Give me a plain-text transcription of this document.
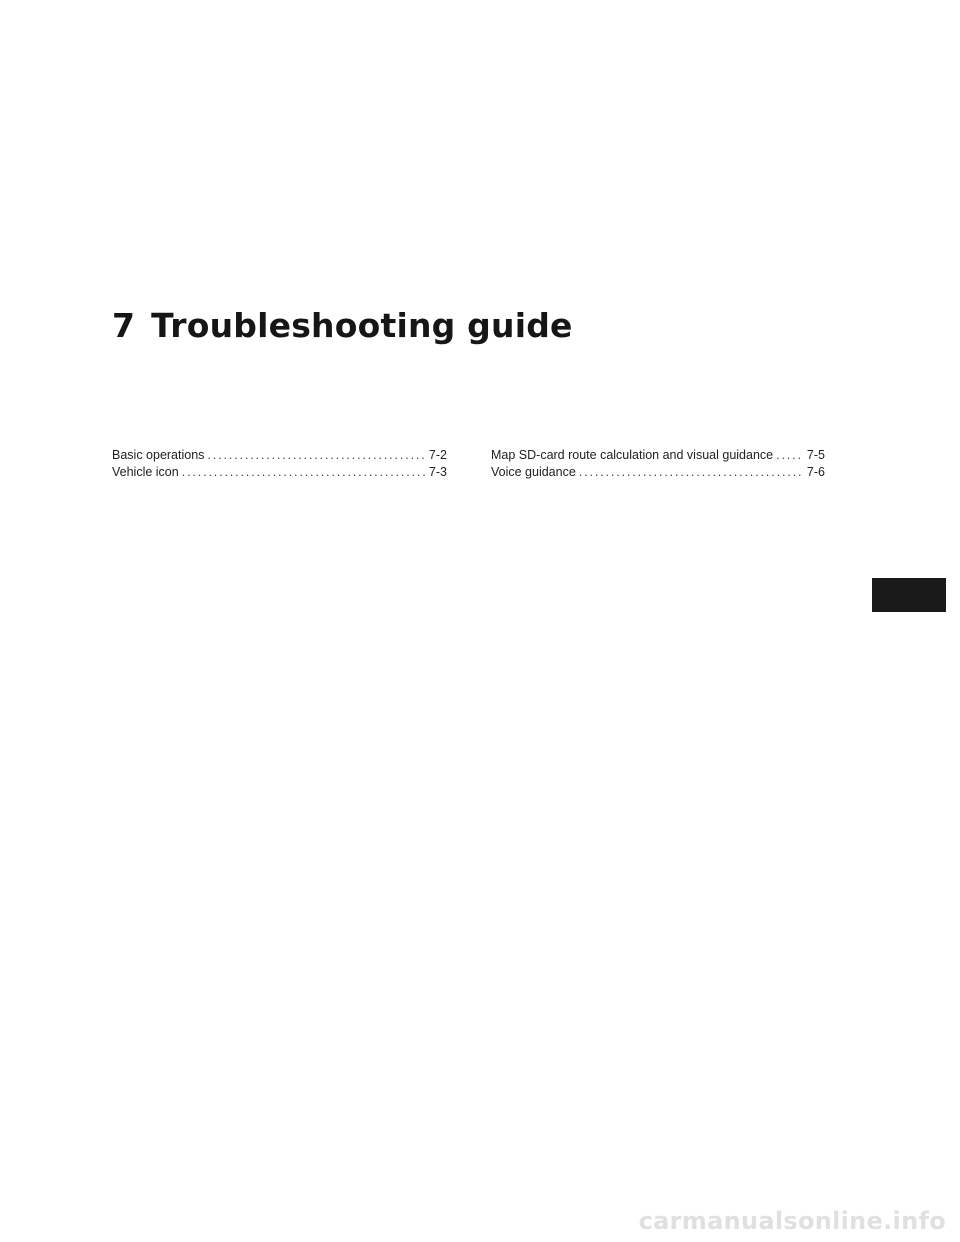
7 Troubleshooting guide
Basic operations . . .	7-2
Vehicle icon . . .	7-3
Map SD-card route calculation and visual guidance . . .	7-5
Voice guidance . . .	7-6
carmanualsonline.info
